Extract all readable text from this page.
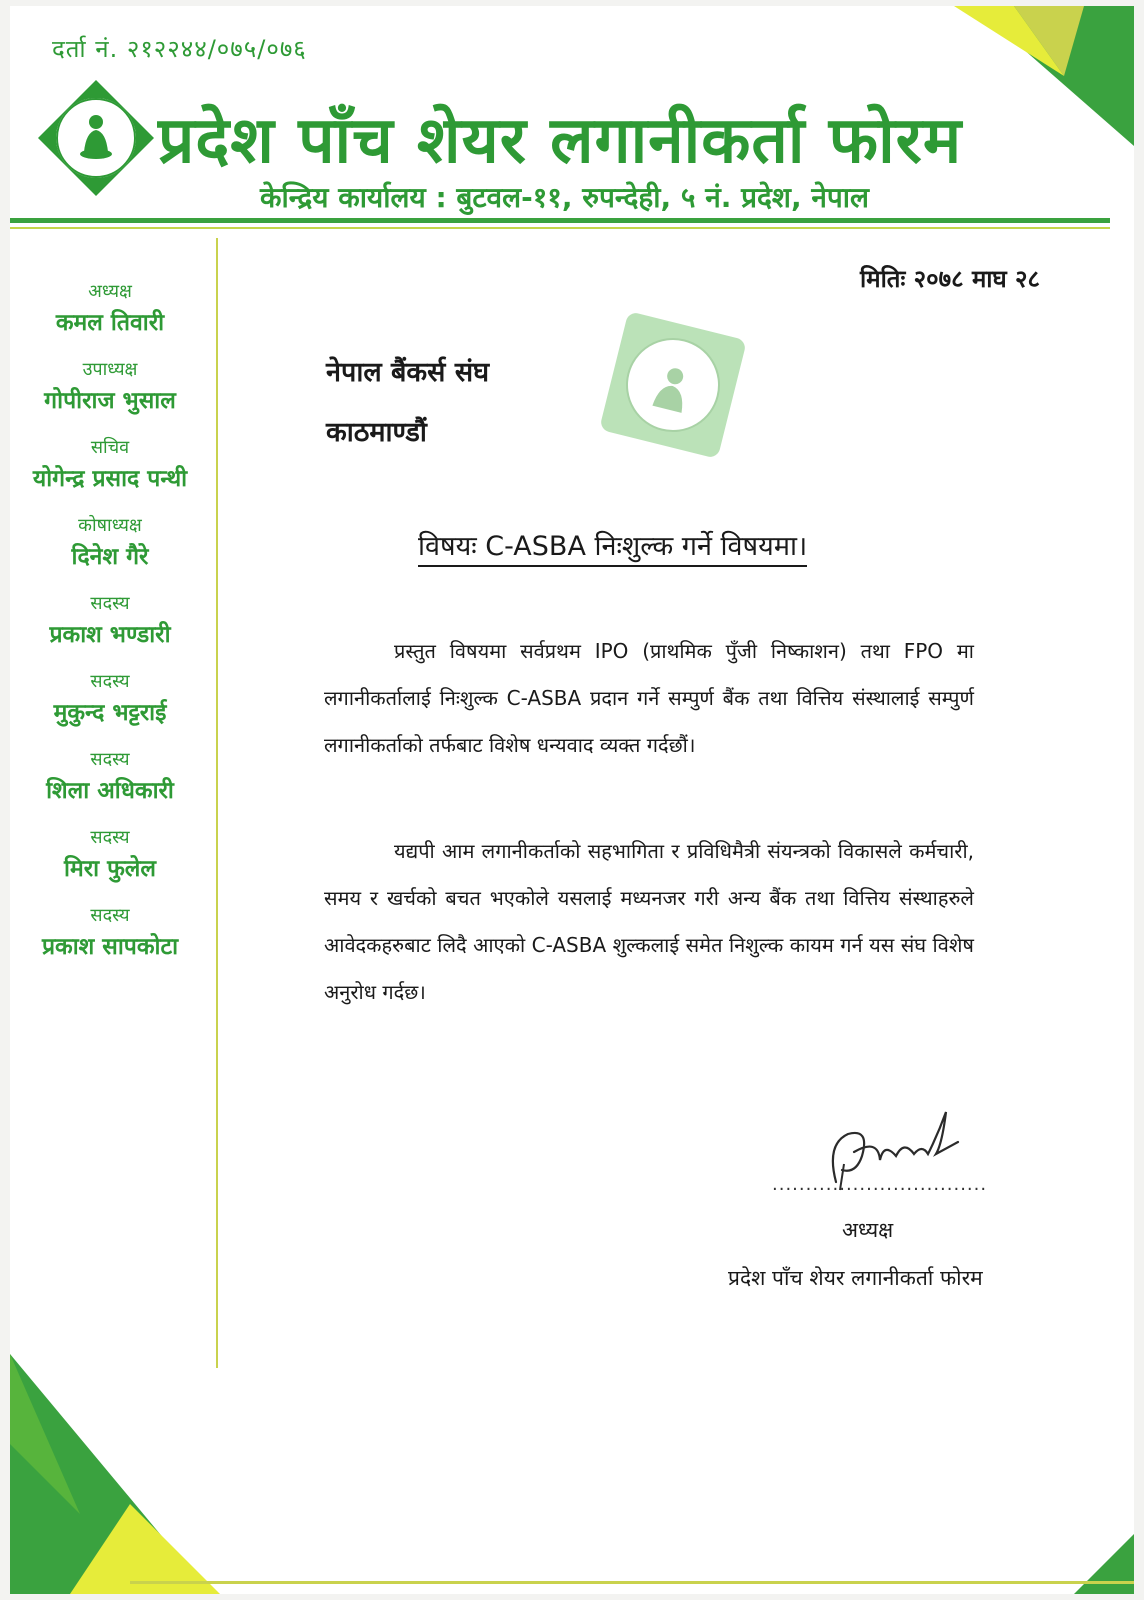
दर्ता नं. २१२२४४/०७५/०७६
प्रदेश पाँच शेयर लगानीकर्ता फोरम
केन्द्रिय कार्यालय : बुटवल-११, रुपन्देही, ५ नं. प्रदेश, नेपाल
अध्यक्ष
कमल तिवारी
उपाध्यक्ष
गोपीराज भुसाल
सचिव
योगेन्द्र प्रसाद पन्थी
कोषाध्यक्ष
दिनेश गैरे
सदस्य
प्रकाश भण्डारी
सदस्य
मुकुन्द भट्टराई
सदस्य
शिला अधिकारी
सदस्य
मिरा फुलेल
सदस्य
प्रकाश सापकोटा
मितिः २०७८ माघ २८
नेपाल बैंकर्स संघ
काठमाण्डौं
विषयः C-ASBA निःशुल्क गर्ने विषयमा।
प्रस्तुत विषयमा सर्वप्रथम IPO (प्राथमिक पुँजी निष्काशन) तथा FPO मा लगानीकर्तालाई निःशुल्क C-ASBA प्रदान गर्ने सम्पुर्ण बैंक तथा वित्तिय संस्थालाई सम्पुर्ण लगानीकर्ताको तर्फबाट विशेष धन्यवाद व्यक्त गर्दछौं।
यद्यपी आम लगानीकर्ताको सहभागिता र प्रविधिमैत्री संयन्त्रको विकासले कर्मचारी, समय र खर्चको बचत भएकोले यसलाई मध्यनजर गरी अन्य बैंक तथा वित्तिय संस्थाहरुले आवेदकहरुबाट लिदै आएको C-ASBA शुल्कलाई समेत निशुल्क कायम गर्न यस संघ विशेष अनुरोध गर्दछ।
................................
अध्यक्ष
प्रदेश पाँच शेयर लगानीकर्ता फोरम
